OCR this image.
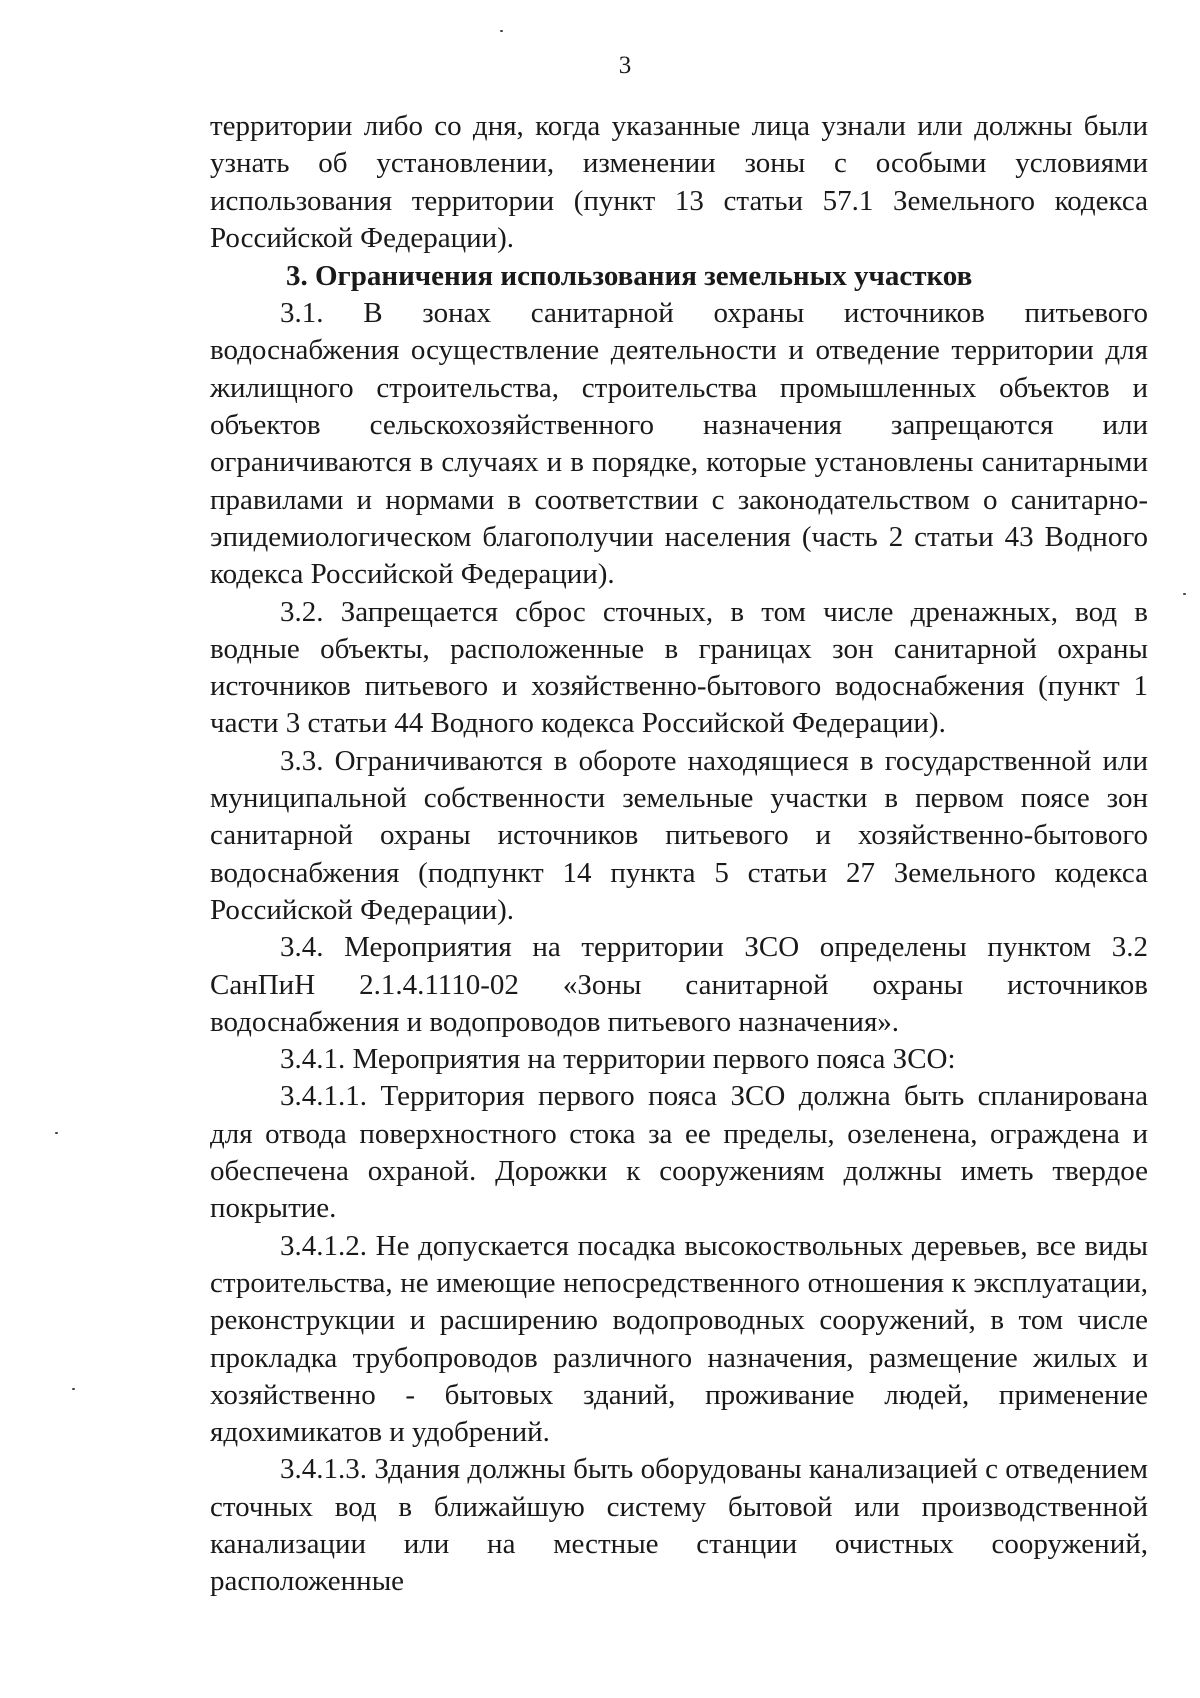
3

территории либо со дня, когда указанные лица узнали или должны были узнать об установлении, изменении зоны с особыми условиями использования территории (пункт 13 статьи 57.1 Земельного кодекса Российской Федерации).

3. Ограничения использования земельных участков

3.1. В зонах санитарной охраны источников питьевого водоснабжения осуществление деятельности и отведение территории для жилищного строительства, строительства промышленных объектов и объектов сельскохозяйственного назначения запрещаются или ограничиваются в случаях и в порядке, которые установлены санитарными правилами и нормами в соответствии с законодательством о санитарно-эпидемиологическом благополучии населения (часть 2 статьи 43 Водного кодекса Российской Федерации).

3.2. Запрещается сброс сточных, в том числе дренажных, вод в водные объекты, расположенные в границах зон санитарной охраны источников питьевого и хозяйственно-бытового водоснабжения (пункт 1 части 3 статьи 44 Водного кодекса Российской Федерации).

3.3. Ограничиваются в обороте находящиеся в государственной или муниципальной собственности земельные участки в первом поясе зон санитарной охраны источников питьевого и хозяйственно-бытового водоснабжения (подпункт 14 пункта 5 статьи 27 Земельного кодекса Российской Федерации).

3.4. Мероприятия на территории ЗСО определены пунктом 3.2 СанПиН 2.1.4.1110-02 «Зоны санитарной охраны источников водоснабжения и водопроводов питьевого назначения».

3.4.1. Мероприятия на территории первого пояса ЗСО:

3.4.1.1. Территория первого пояса ЗСО должна быть спланирована для отвода поверхностного стока за ее пределы, озеленена, ограждена и обеспечена охраной. Дорожки к сооружениям должны иметь твердое покрытие.

3.4.1.2. Не допускается посадка высокоствольных деревьев, все виды строительства, не имеющие непосредственного отношения к эксплуатации, реконструкции и расширению водопроводных сооружений, в том числе прокладка трубопроводов различного назначения, размещение жилых и хозяйственно - бытовых зданий, проживание людей, применение ядохимикатов и удобрений.

3.4.1.3. Здания должны быть оборудованы канализацией с отведением сточных вод в ближайшую систему бытовой или производственной канализации или на местные станции очистных сооружений, расположенные
